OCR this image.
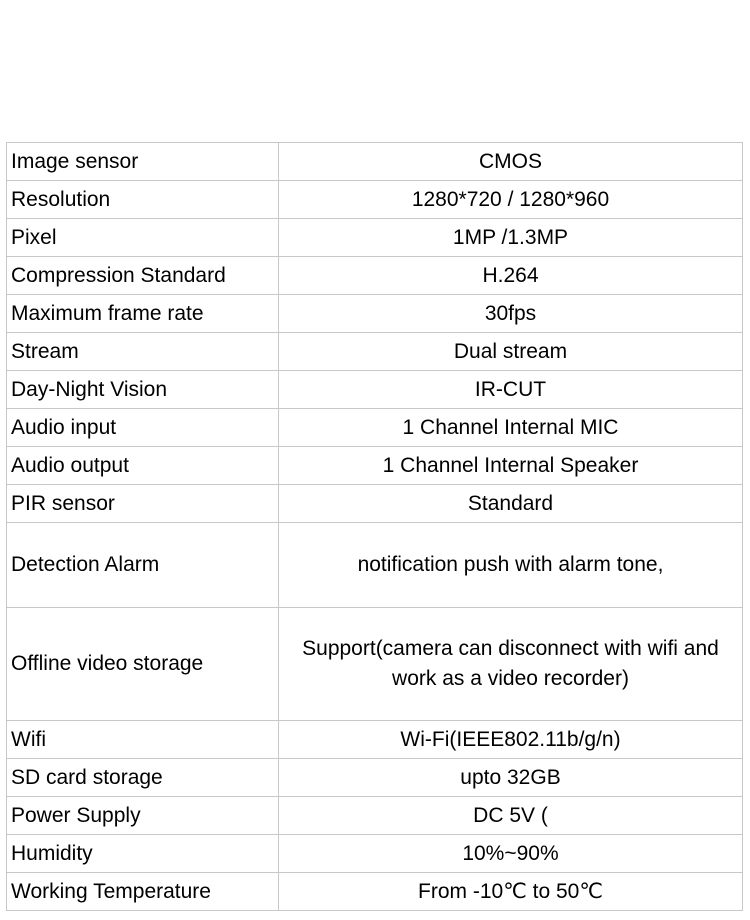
Image sensor	CMOS
Resolution	1280*720 / 1280*960
Pixel	1MP /1.3MP
Compression Standard	H.264
Maximum frame rate	30fps
Stream	Dual stream
Day-Night Vision	IR-CUT
Audio input	1 Channel Internal MIC
Audio output	1 Channel Internal Speaker
PIR sensor	Standard
Detection Alarm	notification push with alarm tone,
Offline video storage	Support(camera can disconnect with wifi and work as a video recorder)
Wifi	Wi-Fi(IEEE802.11b/g/n)
SD card storage	upto 32GB
Power Supply	DC 5V (
Humidity	10%~90%
Working Temperature	From -10℃ to 50℃
